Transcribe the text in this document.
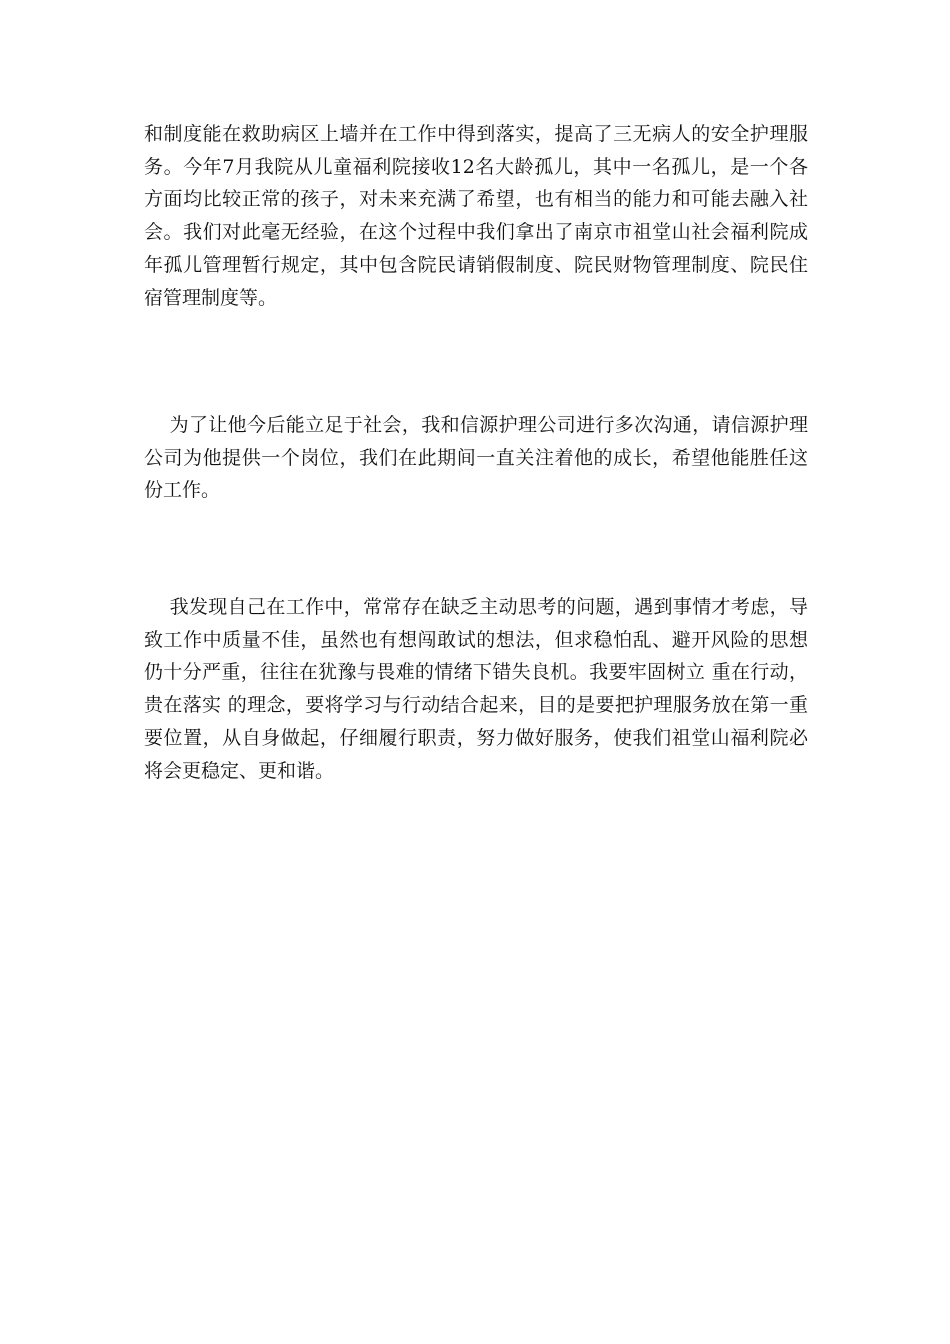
和制度能在救助病区上墙并在工作中得到落实，提高了三无病人的安全护理服
务。今年7月我院从儿童福利院接收12名大龄孤儿，其中一名孤儿，是一个各
方面均比较正常的孩子，对未来充满了希望，也有相当的能力和可能去融入社
会。我们对此毫无经验，在这个过程中我们拿出了南京市祖堂山社会福利院成
年孤儿管理暂行规定，其中包含院民请销假制度、院民财物管理制度、院民住
宿管理制度等。
为了让他今后能立足于社会，我和信源护理公司进行多次沟通，请信源护理
公司为他提供一个岗位，我们在此期间一直关注着他的成长，希望他能胜任这
份工作。
我发现自己在工作中，常常存在缺乏主动思考的问题，遇到事情才考虑，导
致工作中质量不佳，虽然也有想闯敢试的想法，但求稳怕乱、避开风险的思想
仍十分严重，往往在犹豫与畏难的情绪下错失良机。我要牢固树立 重在行动，
贵在落实 的理念，要将学习与行动结合起来，目的是要把护理服务放在第一重
要位置，从自身做起，仔细履行职责，努力做好服务，使我们祖堂山福利院必
将会更稳定、更和谐。
